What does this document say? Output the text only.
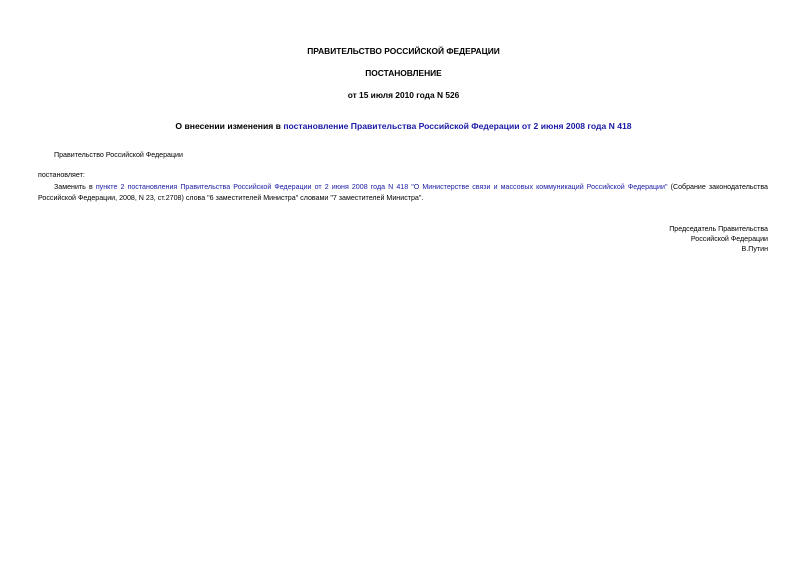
ПРАВИТЕЛЬСТВО РОССИЙСКОЙ ФЕДЕРАЦИИ
ПОСТАНОВЛЕНИЕ
от 15 июля 2010 года N 526
О внесении изменения в постановление Правительства Российской Федерации от 2 июня 2008 года N 418
Правительство Российской Федерации
постановляет:
Заменить в пункте 2 постановления Правительства Российской Федерации от 2 июня 2008 года N 418 "О Министерстве связи и массовых коммуникаций Российской Федерации" (Собрание законодательства
Российской Федерации, 2008, N 23, ст.2708) слова "6 заместителей Министра" словами "7 заместителей Министра".
Председатель Правительства
Российской Федерации
В.Путин
